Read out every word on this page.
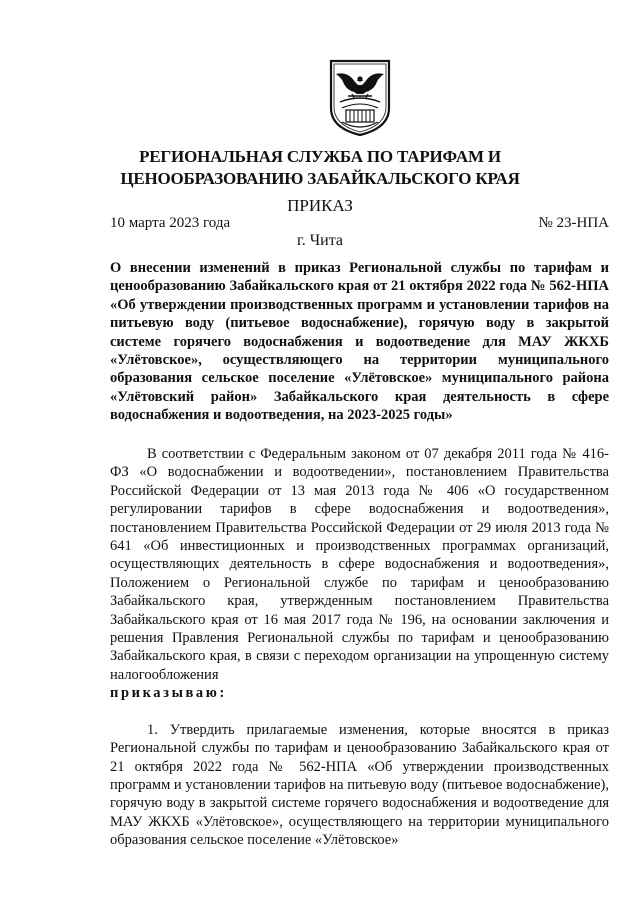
РЕГИОНАЛЬНАЯ СЛУЖБА ПО ТАРИФАМ И
ЦЕНООБРАЗОВАНИЮ ЗАБАЙКАЛЬСКОГО КРАЯ
ПРИКАЗ
10 марта 2023 года	№ 23-НПА
г. Чита
О внесении изменений в приказ Региональной службы по тарифам и ценообразованию Забайкальского края от 21 октября 2022 года № 562-НПА «Об утверждении производственных программ и установлении тарифов на питьевую воду (питьевое водоснабжение), горячую воду в закрытой системе горячего водоснабжения и водоотведение для МАУ ЖКХБ «Улётовское», осуществляющего на территории муниципального образования сельское поселение «Улётовское» муниципального района «Улётовский район» Забайкальского края деятельность в сфере водоснабжения и водоотведения, на 2023-2025 годы»

В соответствии с Федеральным законом от 07 декабря 2011 года № 416-ФЗ «О водоснабжении и водоотведении», постановлением Правительства Российской Федерации от 13 мая 2013 года № 406 «О государственном регулировании тарифов в сфере водоснабжения и водоотведения», постановлением Правительства Российской Федерации от 29 июля 2013 года № 641 «Об инвестиционных и производственных программах организаций, осуществляющих деятельность в сфере водоснабжения и водоотведения», Положением о Региональной службе по тарифам и ценообразованию Забайкальского края, утвержденным постановлением Правительства Забайкальского края от 16 мая 2017 года № 196, на основании заключения и решения Правления Региональной службы по тарифам и ценообразованию Забайкальского края, в связи с переходом организации на упрощенную систему налогообложения
приказываю:

1. Утвердить прилагаемые изменения, которые вносятся в приказ Региональной службы по тарифам и ценообразованию Забайкальского края от 21 октября 2022 года № 562-НПА «Об утверждении производственных программ и установлении тарифов на питьевую воду (питьевое водоснабжение), горячую воду в закрытой системе горячего водоснабжения и водоотведение для МАУ ЖКХБ «Улётовское», осуществляющего на территории муниципального образования сельское поселение «Улётовское»
